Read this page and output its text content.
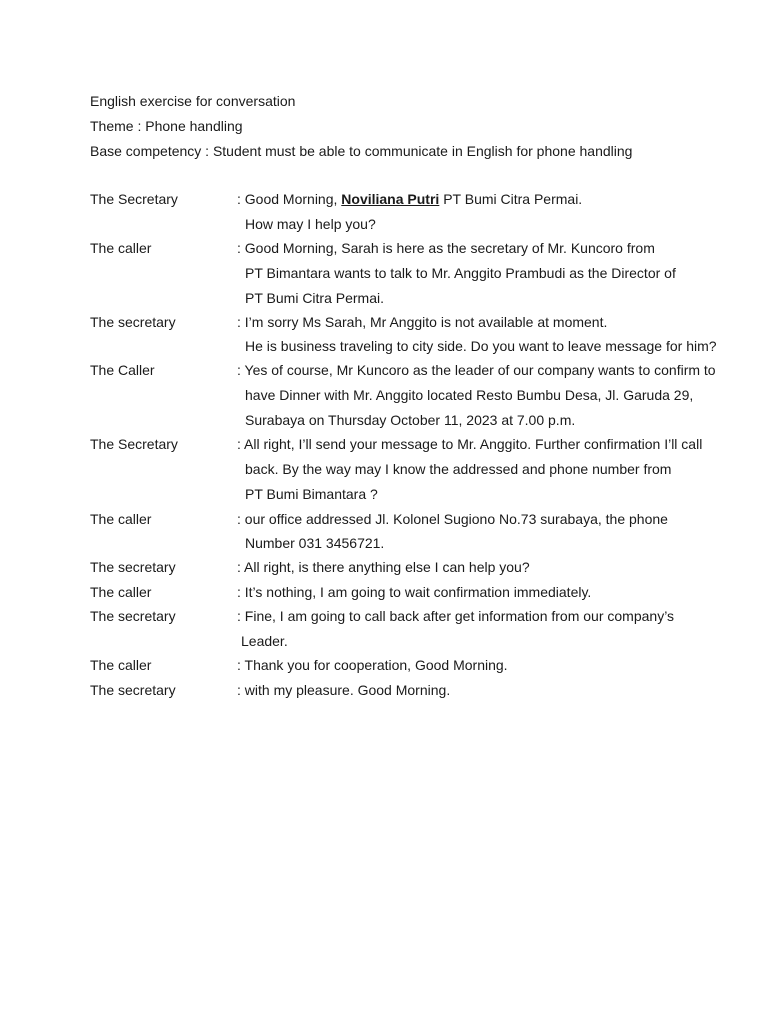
English exercise for conversation
Theme : Phone handling
Base competency : Student must be able to communicate in English for phone handling
The Secretary	: Good Morning, Noviliana Putri PT Bumi Citra Permai.
How may I help you?
The caller	: Good Morning, Sarah is here as the secretary of Mr. Kuncoro from
PT Bimantara wants to talk to Mr. Anggito Prambudi as the Director of
PT Bumi Citra Permai.
The secretary	: I’m sorry Ms Sarah, Mr Anggito is not available at moment.
He is business traveling to city side. Do you want to leave message for him?
The Caller	: Yes of course, Mr Kuncoro as the leader of our company wants to confirm to
have Dinner with Mr. Anggito located Resto Bumbu Desa, Jl. Garuda 29,
Surabaya on Thursday October 11, 2023 at 7.00 p.m.
The Secretary	: All right, I’ll send your message to Mr. Anggito. Further confirmation I’ll call
back. By the way may I know the addressed and phone number from
PT Bumi Bimantara ?
The caller	: our office addressed Jl. Kolonel Sugiono No.73 surabaya, the phone
Number 031 3456721.
The secretary	: All right, is there anything else I can help you?
The caller	: It’s nothing, I am going to wait confirmation immediately.
The secretary	: Fine, I am going to call back after get information from our company’s
Leader.
The caller	: Thank you for cooperation, Good Morning.
The secretary	: with my pleasure. Good Morning.
